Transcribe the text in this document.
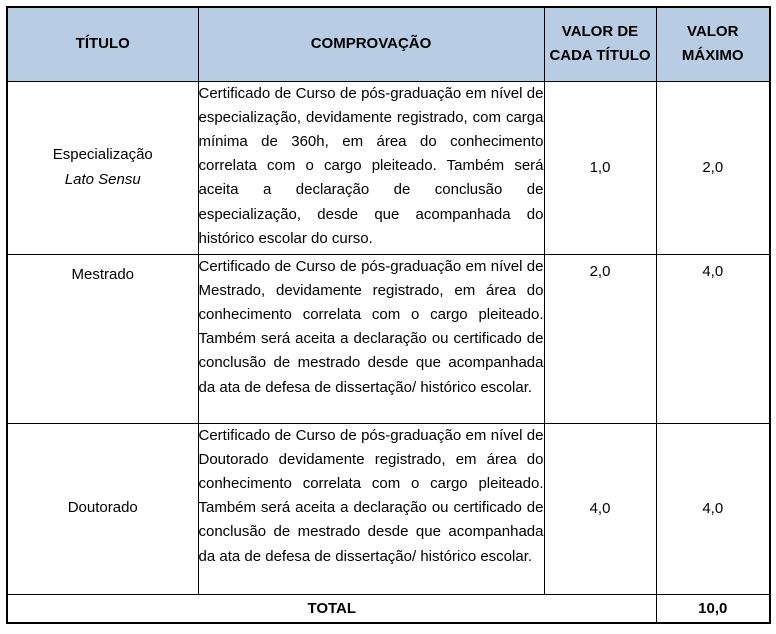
TÍTULO	COMPROVAÇÃO	VALOR DE CADA TÍTULO	VALOR MÁXIMO

Especialização
Lato Sensu	Certificado de Curso de pós-graduação em nível de especialização, devidamente registrado, com carga mínima de 360h, em área do conhecimento correlata com o cargo pleiteado. Também será aceita a declaração de conclusão de especialização, desde que acompanhada do histórico escolar do curso.	1,0	2,0
Mestrado	Certificado de Curso de pós-graduação em nível de Mestrado, devidamente registrado, em área do conhecimento correlata com o cargo pleiteado. Também será aceita a declaração ou certificado de conclusão de mestrado desde que acompanhada da ata de defesa de dissertação/ histórico escolar.	2,0	4,0
Doutorado	Certificado de Curso de pós-graduação em nível de Doutorado devidamente registrado, em área do conhecimento correlata com o cargo pleiteado. Também será aceita a declaração ou certificado de conclusão de mestrado desde que acompanhada da ata de defesa de dissertação/ histórico escolar.	4,0	4,0
TOTAL			10,0
